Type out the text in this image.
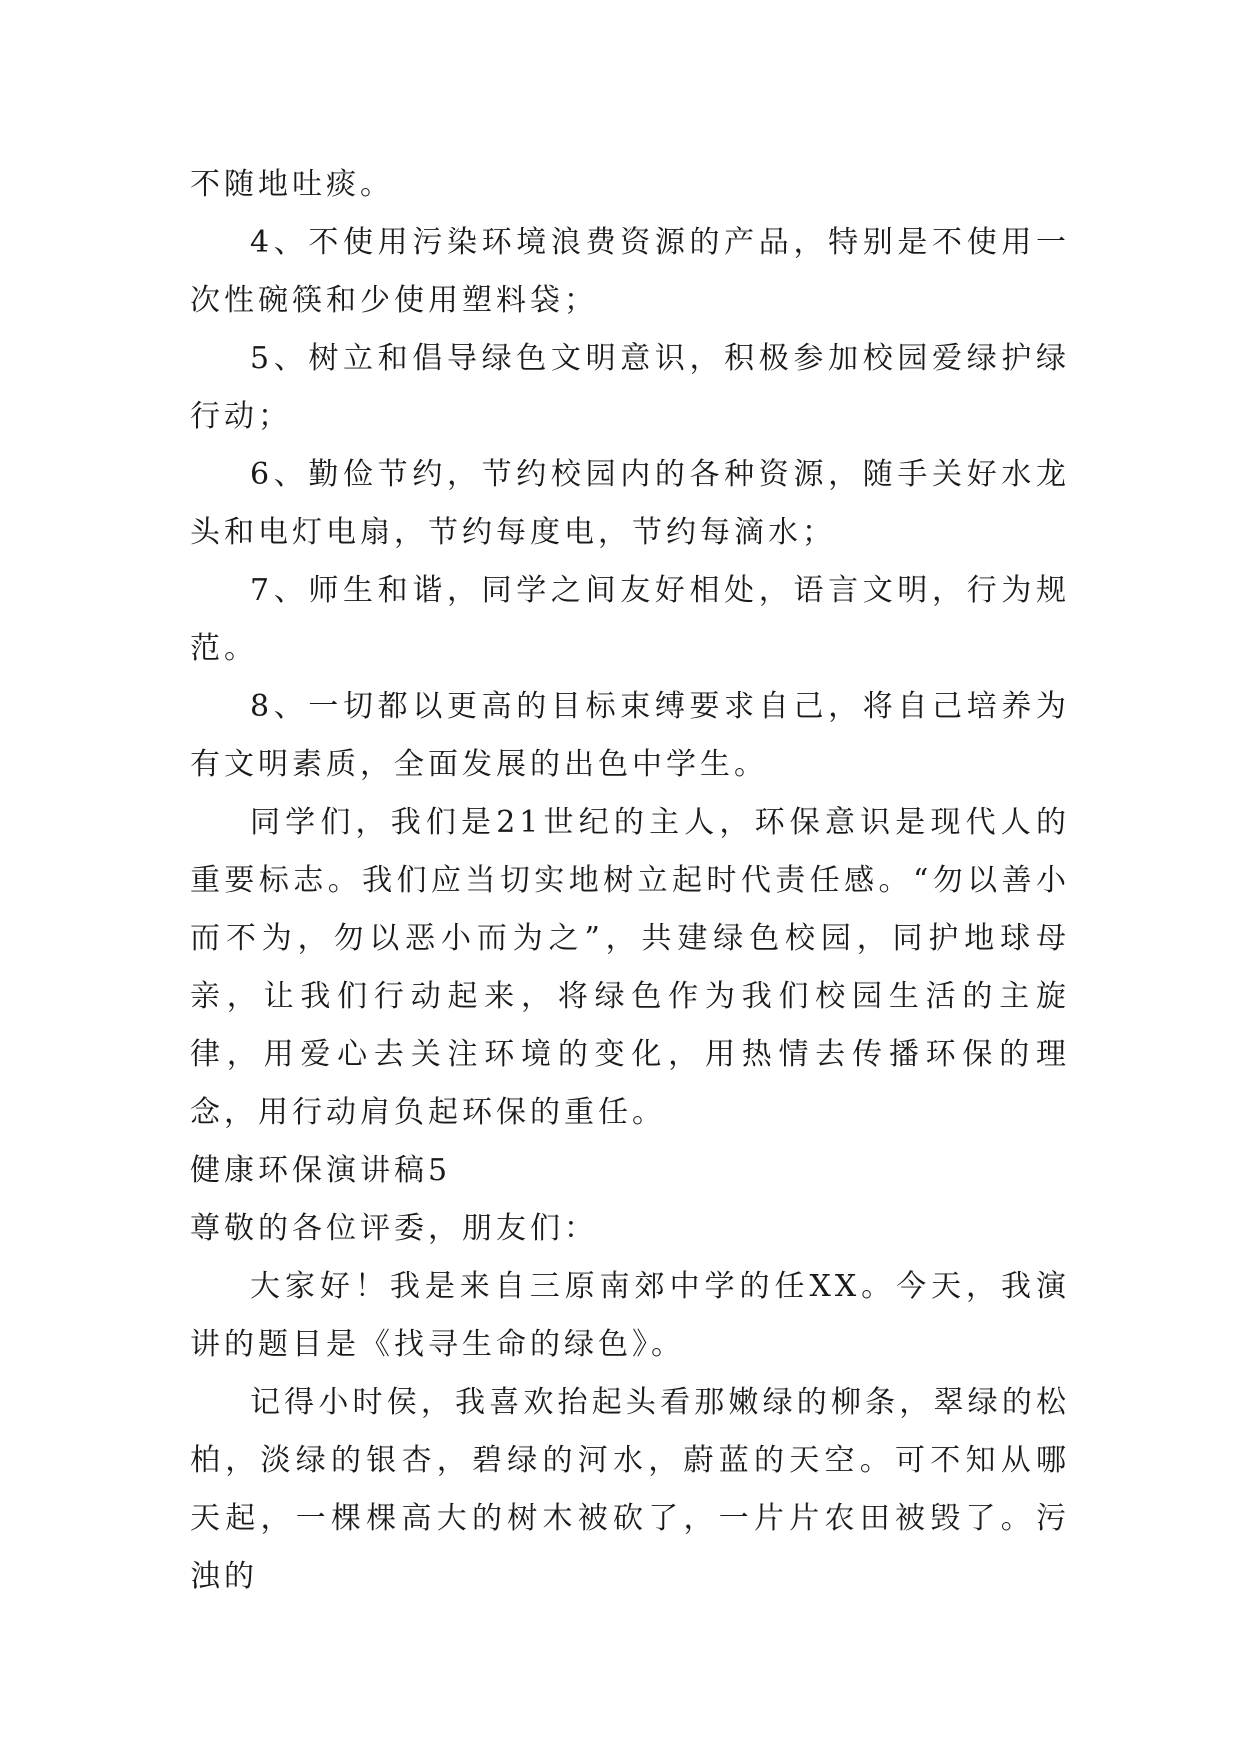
不随地吐痰。

4、不使用污染环境浪费资源的产品，特别是不使用一次性碗筷和少使用塑料袋；

5、树立和倡导绿色文明意识，积极参加校园爱绿护绿行动；

6、勤俭节约，节约校园内的各种资源，随手关好水龙头和电灯电扇，节约每度电，节约每滴水；

7、师生和谐，同学之间友好相处，语言文明，行为规范。

8、一切都以更高的目标束缚要求自己，将自己培养为有文明素质，全面发展的出色中学生。

同学们，我们是21世纪的主人，环保意识是现代人的重要标志。我们应当切实地树立起时代责任感。“勿以善小而不为，勿以恶小而为之”，共建绿色校园，同护地球母亲，让我们行动起来，将绿色作为我们校园生活的主旋律，用爱心去关注环境的变化，用热情去传播环保的理念，用行动肩负起环保的重任。

健康环保演讲稿5

尊敬的各位评委，朋友们：

大家好！我是来自三原南郊中学的任XX。今天，我演讲的题目是《找寻生命的绿色》。

记得小时侯，我喜欢抬起头看那嫩绿的柳条，翠绿的松柏，淡绿的银杏，碧绿的河水，蔚蓝的天空。可不知从哪天起，一棵棵高大的树木被砍了，一片片农田被毁了。污浊的
